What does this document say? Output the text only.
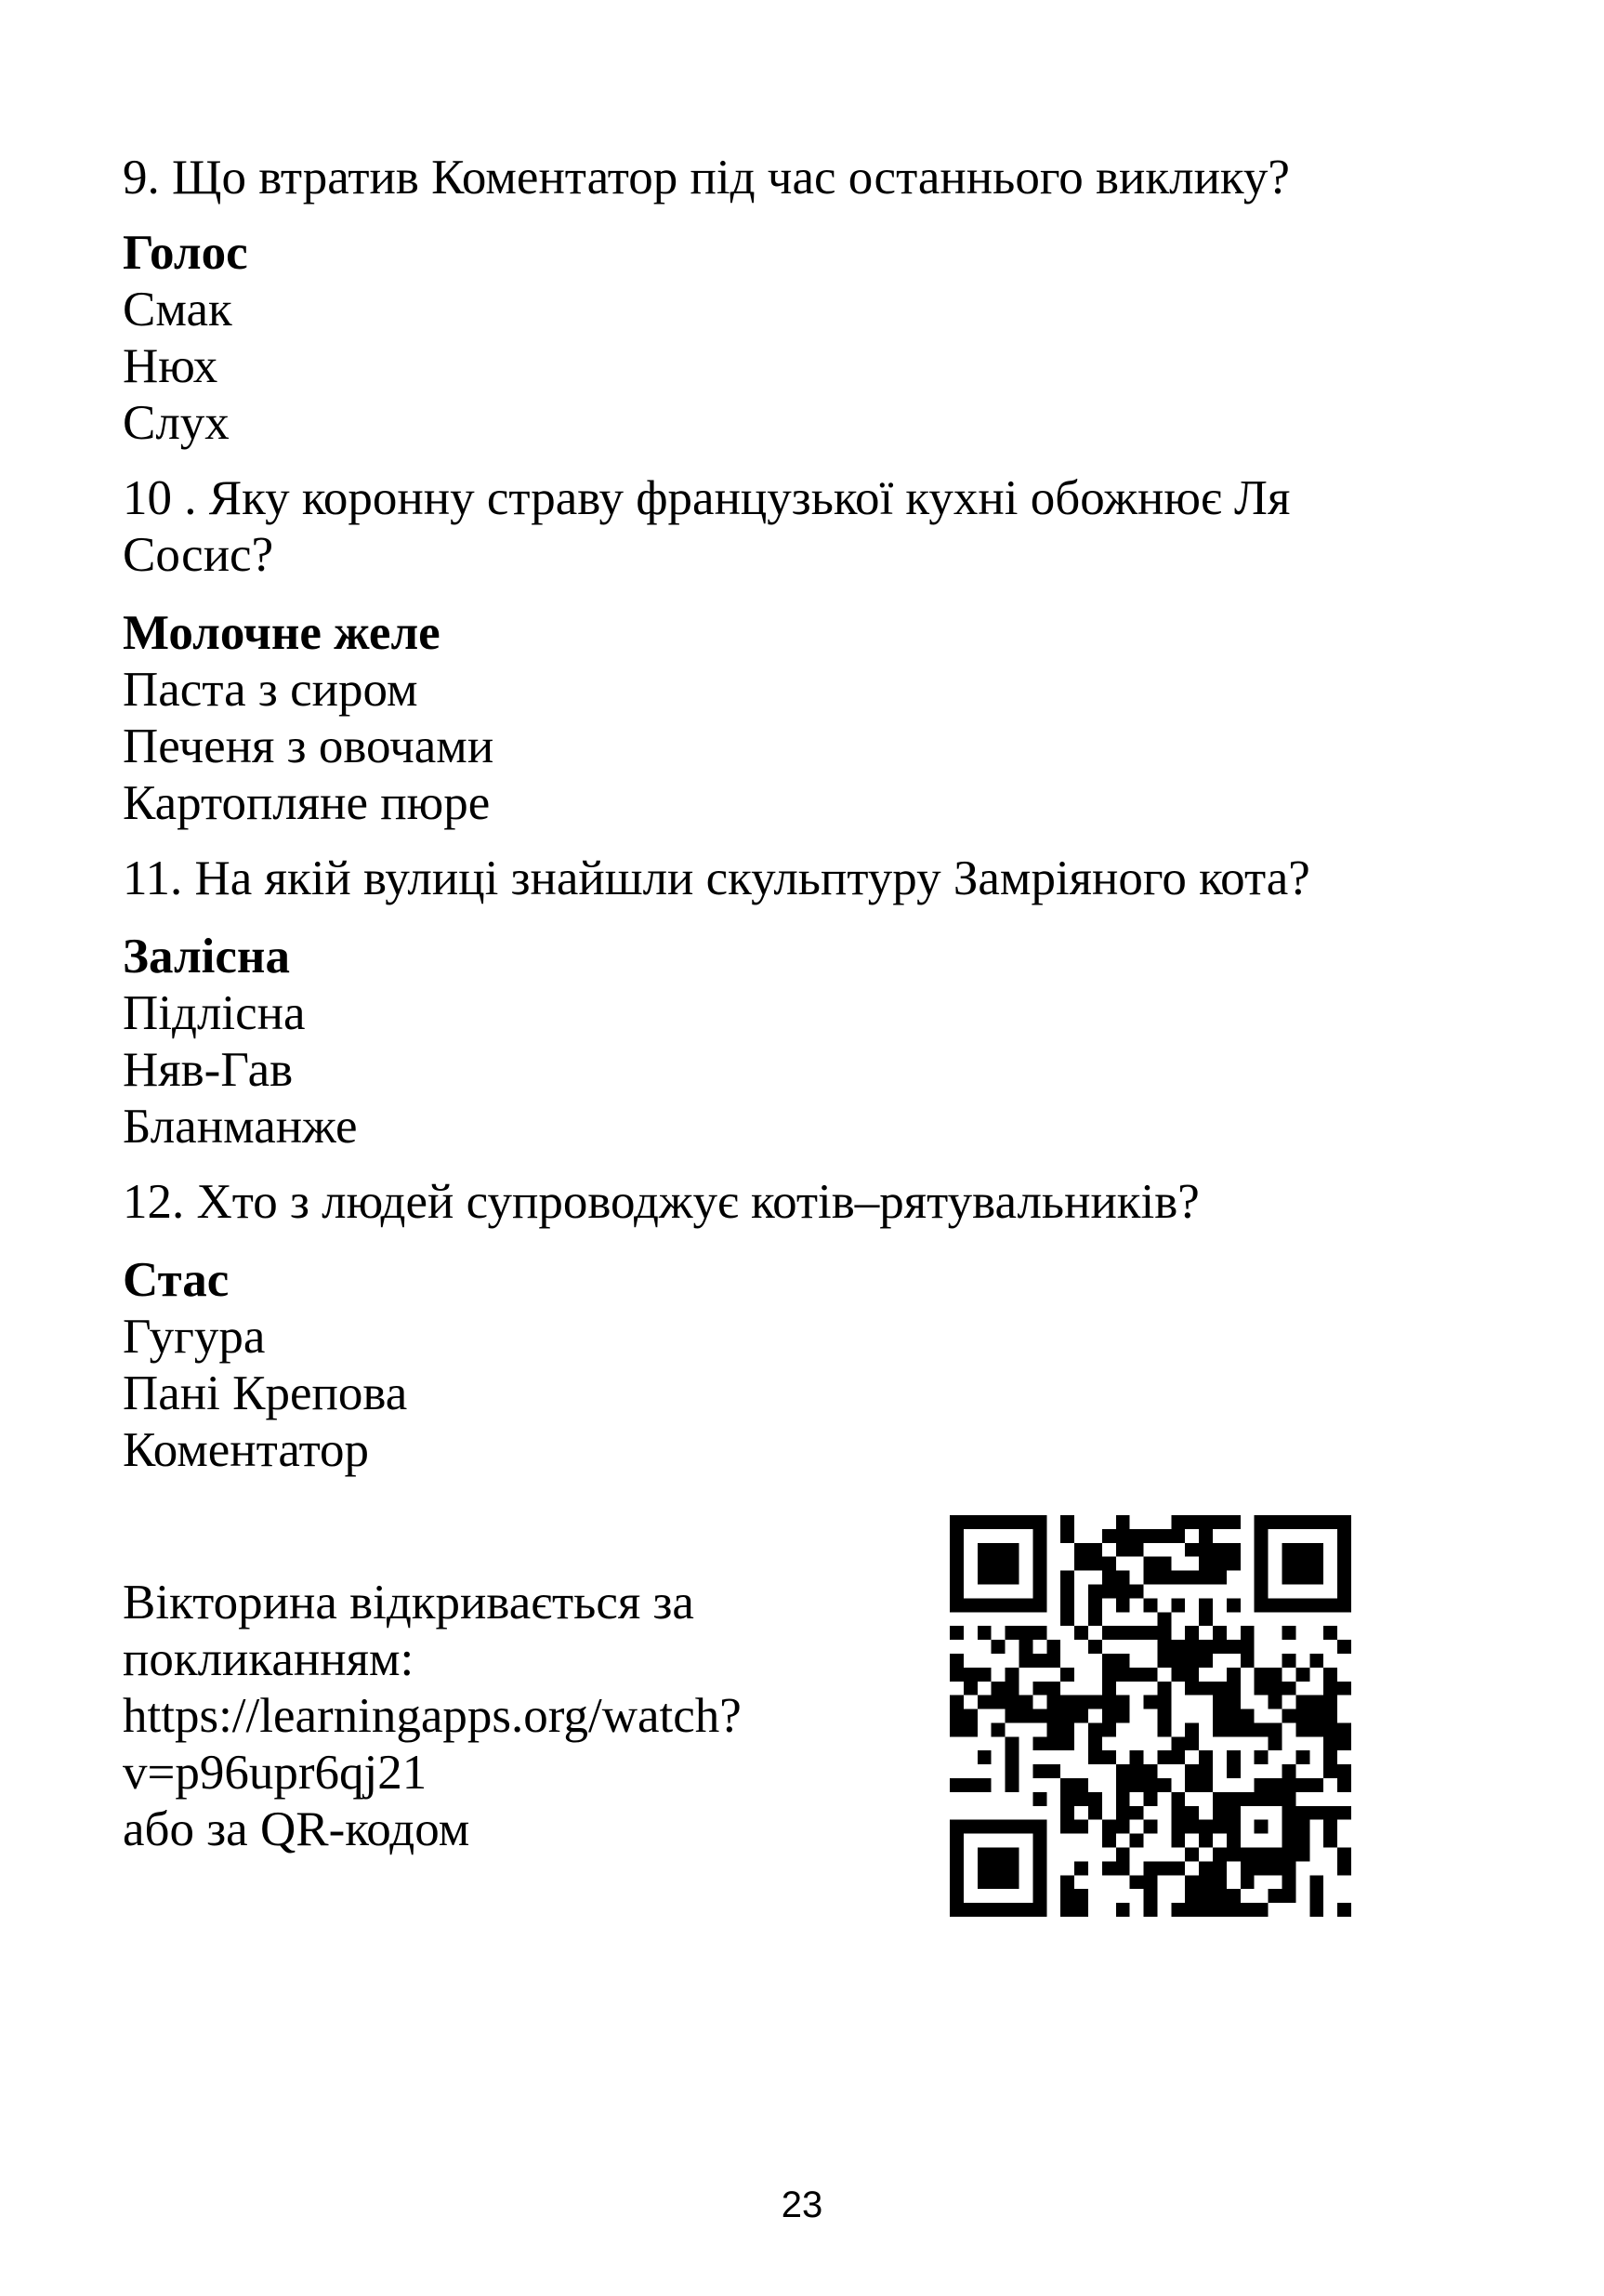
9. Що втратив Коментатор під час останнього виклику?
Голос
Смак
Нюх
Слух
10 . Яку коронну страву французької кухні обожнює Ля
Сосис?
Молочне желе
Паста з сиром
Печеня з овочами
Картопляне пюре
11. На якій вулиці знайшли скульптуру Замріяного кота?
Залісна
Підлісна
Няв-Гав
Бланманже
12. Хто з людей супроводжує котів–рятувальників?
Стас
Гугура
Пані Крепова
Коментатор
Вікторина відкривається за
покликанням:
https://learningapps.org/watch?
v=p96upr6qj21
або за QR-кодом
23
